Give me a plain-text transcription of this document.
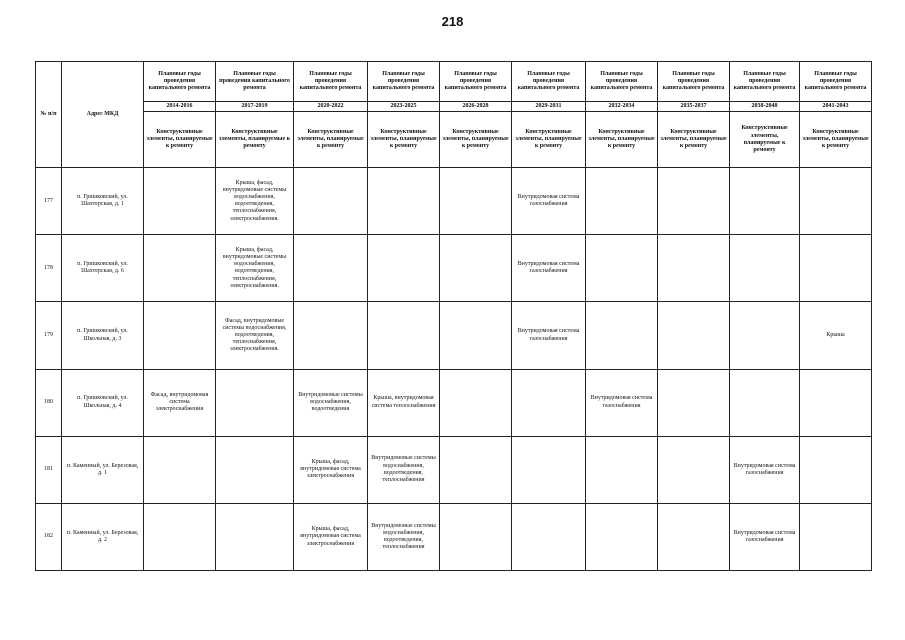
218
№ п/п	Адрес МКД	Плановые годы проведения капитального ремонта	Плановые годы проведения капитального ремонта	Плановые годы проведения капитального ремонта	Плановые годы проведения капитального ремонта	Плановые годы проведения капитального ремонта	Плановые годы проведения капитального ремонта	Плановые годы проведения капитального ремонта	Плановые годы проведения капитального ремонта	Плановые годы проведения капитального ремонта	Плановые годы проведения капитального ремонта
		2014-2016	2017-2019	2020-2022	2023-2025	2026-2028	2029-2031	2032-2034	2035-2037	2038-2040	2041-2043
		Конструктивные элементы, планируемые к ремонту	Конструктивные элементы, планируемые к ремонту	Конструктивные элементы, планируемые к ремонту	Конструктивные элементы, планируемые к ремонту	Конструктивные элементы, планируемые к ремонту	Конструктивные элементы, планируемые к ремонту	Конструктивные элементы, планируемые к ремонту	Конструктивные элементы, планируемые к ремонту	Конструктивные элементы, планируемые к ремонту	Конструктивные элементы, планируемые к ремонту
177	п. Гришковский, ул. Шахтерская, д. 1		Крыша, фасад, внутридомовые системы водоснабжения, водоотведения, теплоснабжения, электроснабжения.				Внутридомовая система газоснабжения				
178	п. Гришковский, ул. Шахтерская, д. 6		Крыша, фасад, внутридомовые системы водоснабжения, водоотведения, теплоснабжения, электроснабжения.				Внутридомовая система газоснабжения				
179	п. Гришковский, ул. Школьная, д. 3		Фасад, внутридомовые системы водоснабжения, водоотведения, теплоснабжения, электроснабжения.				Внутридомовая система газоснабжения				Крыша
180	п. Гришковский, ул. Школьная, д. 4	Фасад, внутридомовая система электроснабжения		Внутридомовые системы водоснабжения, водоотведения	Крыша, внутридомовая система теплоснабжения			Внутридомовая система газоснабжения			
181	п. Каменный, ул. Березовая, д. 1			Крыша, фасад, внутридомовая система электроснабжения	Внутридомовые системы водоснабжения, водоотведения, теплоснабжения					Внутридомовая система газоснабжения	
182	п. Каменный, ул. Березовая, д. 2			Крыша, фасад, внутридомовая система электроснабжения	Внутридомовые системы водоснабжения, водоотведения, теплоснабжения					Внутридомовая система газоснабжения	
